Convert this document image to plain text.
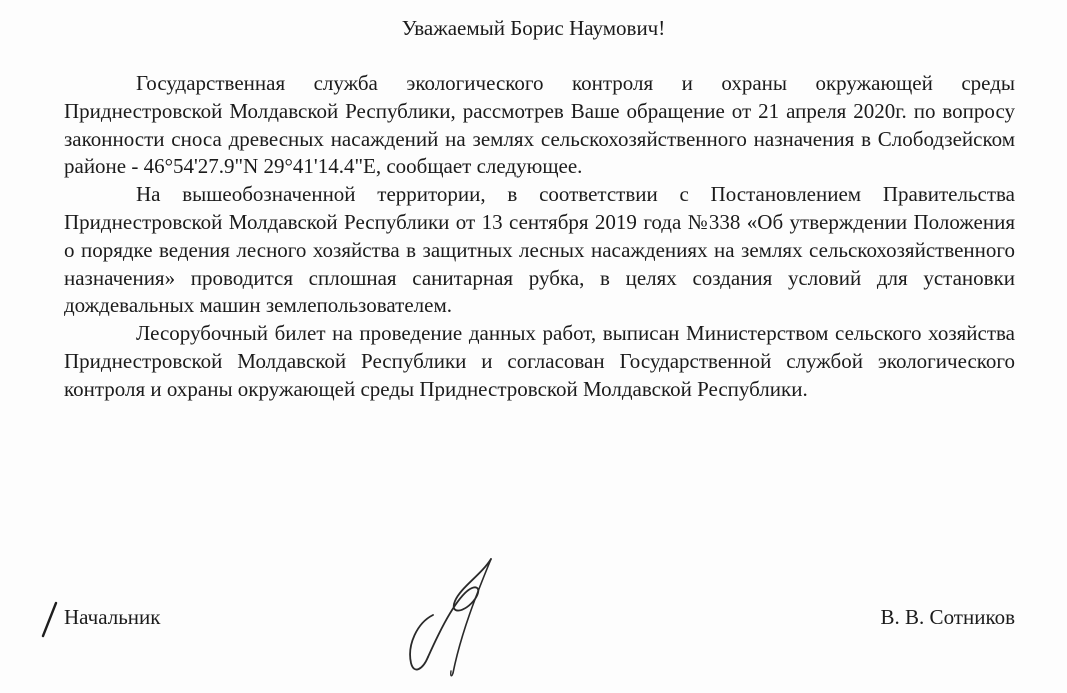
Уважаемый Борис Наумович!

Государственная служба экологического контроля и охраны окружающей среды Приднестровской Молдавской Республики, рассмотрев Ваше обращение от 21 апреля 2020г. по вопросу законности сноса древесных насаждений на землях сельскохозяйственного назначения в Слободзейском районе - 46°54'27.9"N 29°41'14.4"E, сообщает следующее.

На вышеобозначенной территории, в соответствии с Постановлением Правительства Приднестровской Молдавской Республики от 13 сентября 2019 года №338 «Об утверждении Положения о порядке ведения лесного хозяйства в защитных лесных насаждениях на землях сельскохозяйственного назначения» проводится сплошная санитарная рубка, в целях создания условий для установки дождевальных машин землепользователем.

Лесорубочный билет на проведение данных работ, выписан Министерством сельского хозяйства Приднестровской Молдавской Республики и согласован Государственной службой экологического контроля и охраны окружающей среды Приднестровской Молдавской Республики.

Начальник	В. В. Сотников
